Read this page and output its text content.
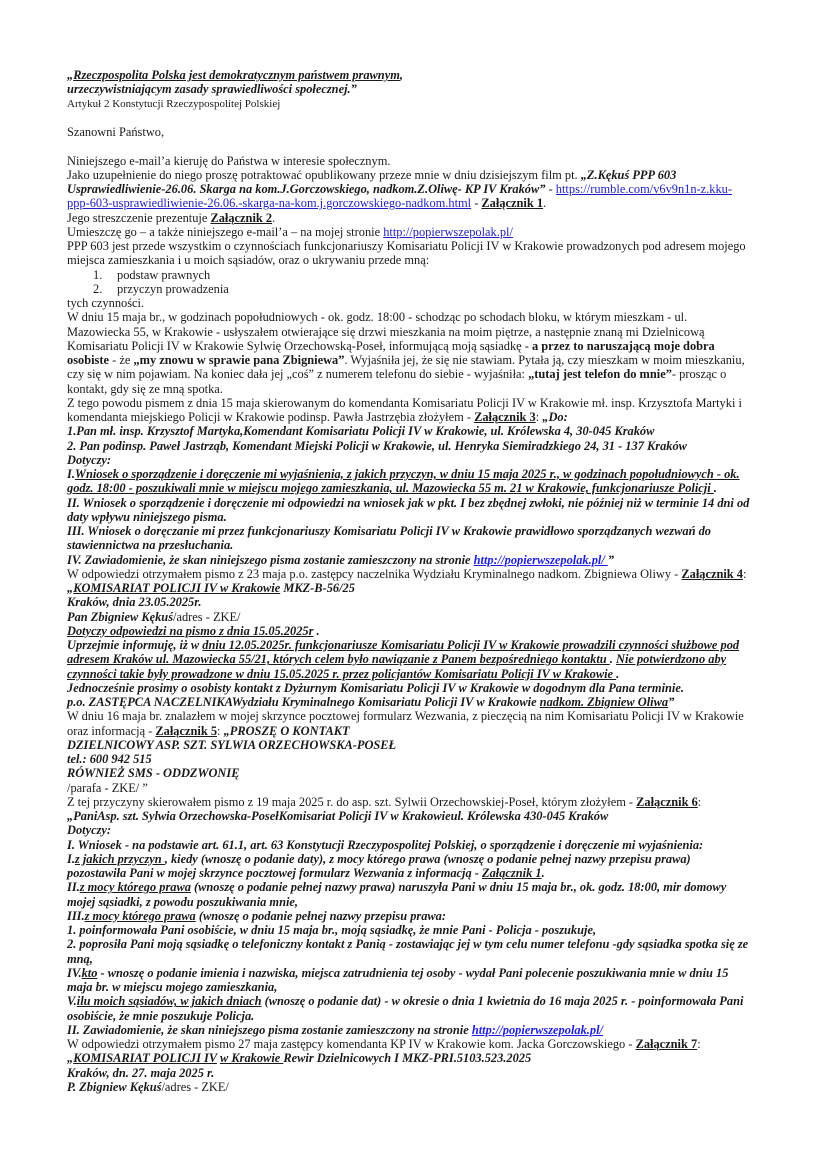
„Rzeczpospolita Polska jest demokratycznym państwem prawnym,
urzeczywistniającym zasady sprawiedliwości społecznej.”
Artykuł 2 Konstytucji Rzeczypospolitej Polskiej
Szanowni Państwo,
Niniejszego e-mail’a kieruję do Państwa w interesie społecznym.
Jako uzupełnienie do niego proszę potraktować opublikowany przeze mnie w dniu dzisiejszym film pt. „Z.Kękuś PPP 603
Usprawiedliwienie-26.06. Skarga na kom.J.Gorczowskiego, nadkom.Z.Oliwę- KP IV Kraków” - https://rumble.com/v6v9n1n-z.kku-
ppp-603-usprawiedliwienie-26.06.-skarga-na-kom.j.gorczowskiego-nadkom.html - Załącznik 1.
Jego streszczenie prezentuje Załącznik 2.
Umieszczę go – a także niniejszego e-mail’a – na mojej stronie http://popierwszepolak.pl/
PPP 603 jest przede wszystkim o czynnościach funkcjonariuszy Komisariatu Policji IV w Krakowie prowadzonych pod adresem mojego
miejsca zamieszkania i u moich sąsiadów, oraz o ukrywaniu przede mną:
1. podstaw prawnych
2. przyczyn prowadzenia
tych czynności.
W dniu 15 maja br., w godzinach popołudniowych - ok. godz. 18:00 - schodząc po schodach bloku, w którym mieszkam - ul.
Mazowiecka 55, w Krakowie - usłyszałem otwierające się drzwi mieszkania na moim piętrze, a następnie znaną mi Dzielnicową
Komisariatu Policji IV w Krakowie Sylwię Orzechowską-Poseł, informującą moją sąsiadkę - a przez to naruszającą moje dobra
osobiste - że „my znowu w sprawie pana Zbigniewa”. Wyjaśniła jej, że się nie stawiam. Pytała ją, czy mieszkam w moim mieszkaniu,
czy się w nim pojawiam. Na koniec dała jej „coś” z numerem telefonu do siebie - wyjaśniła: „tutaj jest telefon do mnie”- prosząc o
kontakt, gdy się ze mną spotka.
Z tego powodu pismem z dnia 15 maja skierowanym do komendanta Komisariatu Policji IV w Krakowie mł. insp. Krzysztofa Martyki i
komendanta miejskiego Policji w Krakowie podinsp. Pawła Jastrzębia złożyłem - Załącznik 3: „Do:
1.Pan mł. insp. Krzysztof Martyka,Komendant Komisariatu Policji IV w Krakowie, ul. Królewska 4, 30-045 Kraków
2. Pan podinsp. Paweł Jastrząb, Komendant Miejski Policji w Krakowie, ul. Henryka Siemiradzkiego 24, 31 - 137 Kraków
Dotyczy:
I.Wniosek o sporządzenie i doręczenie mi wyjaśnienia, z jakich przyczyn, w dniu 15 maja 2025 r., w godzinach popołudniowych - ok.
godz. 18:00 - poszukiwali mnie w miejscu mojego zamieszkania, ul. Mazowiecka 55 m. 21 w Krakowie, funkcjonariusze Policji .
II. Wniosek o sporządzenie i doręczenie mi odpowiedzi na wniosek jak w pkt. I bez zbędnej zwłoki, nie później niż w terminie 14 dni od
daty wpływu niniejszego pisma.
III. Wniosek o doręczanie mi przez funkcjonariuszy Komisariatu Policji IV w Krakowie prawidłowo sporządzanych wezwań do
stawiennictwa na przesłuchania.
IV. Zawiadomienie, że skan niniejszego pisma zostanie zamieszczony na stronie http://popierwszepolak.pl/ ”
W odpowiedzi otrzymałem pismo z 23 maja p.o. zastępcy naczelnika Wydziału Kryminalnego nadkom. Zbigniewa Oliwy - Załącznik 4:
„KOMISARIAT POLICJI IV w Krakowie MKZ-B-56/25
Kraków, dnia 23.05.2025r.
Pan Zbigniew Kękuś/adres - ZKE/
Dotyczy odpowiedzi na pismo z dnia 15.05.2025r .
Uprzejmie informuję, iż w dniu 12.05.2025r. funkcjonariusze Komisariatu Policji IV w Krakowie prowadzili czynności służbowe pod
adresem Kraków ul. Mazowiecka 55/21, których celem było nawiązanie z Panem bezpośredniego kontaktu . Nie potwierdzono aby
czynności takie były prowadzone w dniu 15.05.2025 r. przez policjantów Komisariatu Policji IV w Krakowie .
Jednocześnie prosimy o osobisty kontakt z Dyżurnym Komisariatu Policji IV w Krakowie w dogodnym dla Pana terminie.
p.o. ZASTĘPCA NACZELNIKAWydziału Kryminalnego Komisariatu Policji IV w Krakowie nadkom. Zbigniew Oliwa”
W dniu 16 maja br. znalazłem w mojej skrzynce pocztowej formularz Wezwania, z pieczęcią na nim Komisariatu Policji IV w Krakowie
oraz informacją - Załącznik 5: „PROSZĘ O KONTAKT
DZIELNICOWY ASP. SZT. SYLWIA ORZECHOWSKA-POSEŁ
tel.: 600 942 515
RÓWNIEŻ SMS - ODDZWONIĘ
/parafa - ZKE/ ”
Z tej przyczyny skierowałem pismo z 19 maja 2025 r. do asp. szt. Sylwii Orzechowskiej-Poseł, którym złożyłem - Załącznik 6:
„PaniAsp. szt. Sylwia Orzechowska-PosełKomisariat Policji IV w Krakowieul. Królewska 430-045 Kraków
Dotyczy:
I. Wniosek - na podstawie art. 61.1, art. 63 Konstytucji Rzeczypospolitej Polskiej, o sporządzenie i doręczenie mi wyjaśnienia:
I.z jakich przyczyn , kiedy (wnoszę o podanie daty), z mocy którego prawa (wnoszę o podanie pełnej nazwy przepisu prawa)
pozostawiła Pani w mojej skrzynce pocztowej formularz Wezwania z informacją - Załącznik 1.
II.z mocy którego prawa (wnoszę o podanie pełnej nazwy prawa) naruszyła Pani w dniu 15 maja br., ok. godz. 18:00, mir domowy
mojej sąsiadki, z powodu poszukiwania mnie,
III.z mocy którego prawa (wnoszę o podanie pełnej nazwy przepisu prawa:
1. poinformowała Pani osobiście, w dniu 15 maja br., moją sąsiadkę, że mnie Pani - Policja - poszukuje,
2. poprosiła Pani moją sąsiadkę o telefoniczny kontakt z Panią - zostawiając jej w tym celu numer telefonu -gdy sąsiadka spotka się ze
mną,
IV.kto - wnoszę o podanie imienia i nazwiska, miejsca zatrudnienia tej osoby - wydał Pani polecenie poszukiwania mnie w dniu 15
maja br. w miejscu mojego zamieszkania,
V.ilu moich sąsiadów, w jakich dniach (wnoszę o podanie dat) - w okresie o dnia 1 kwietnia do 16 maja 2025 r. - poinformowała Pani
osobiście, że mnie poszukuje Policja.
II. Zawiadomienie, że skan niniejszego pisma zostanie zamieszczony na stronie http://popierwszepolak.pl/
W odpowiedzi otrzymałem pismo 27 maja zastępcy komendanta KP IV w Krakowie kom. Jacka Gorczowskiego - Załącznik 7:
„KOMISARIAT POLICJI IV w Krakowie Rewir Dzielnicowych I MKZ-PRI.5103.523.2025
Kraków, dn. 27. maja 2025 r.
P. Zbigniew Kękuś/adres - ZKE/
